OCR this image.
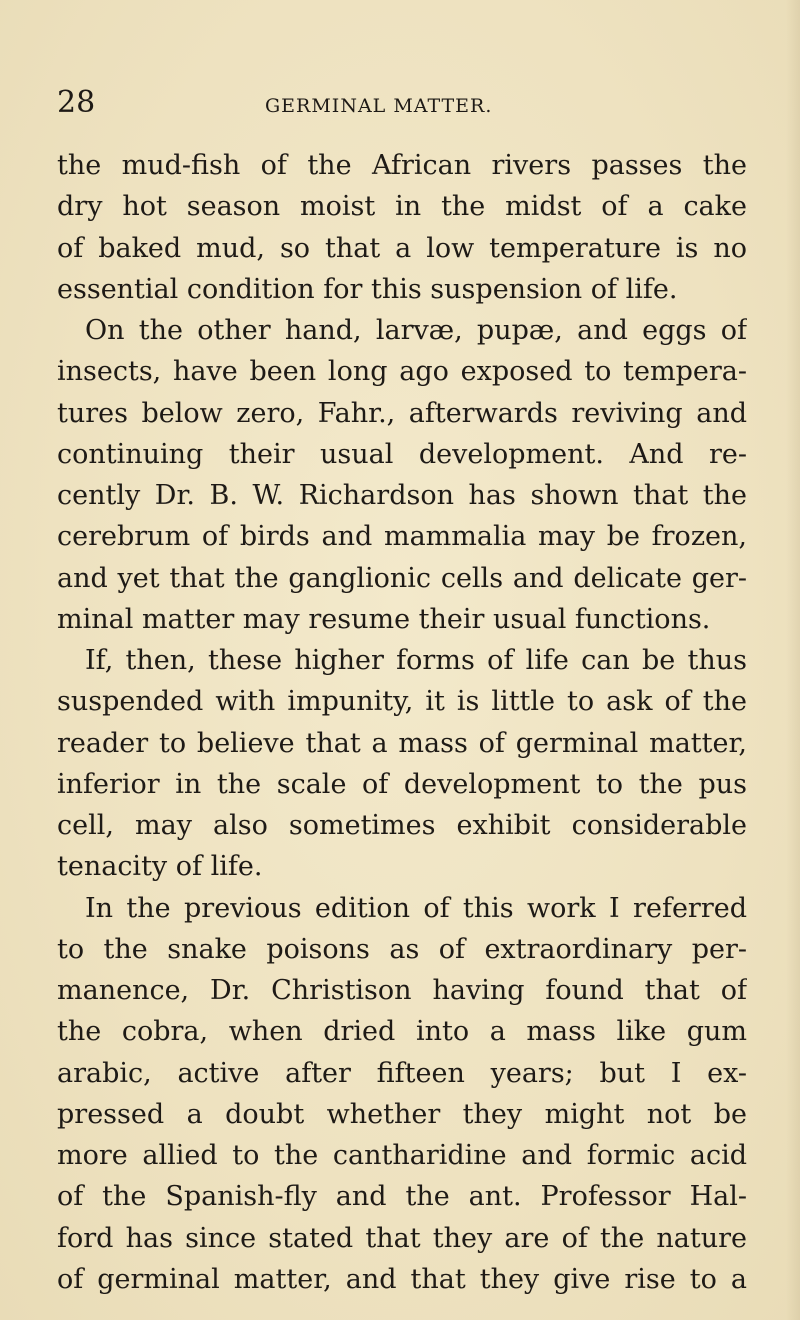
28	GERMINAL MATTER.
the mud-fish of the African rivers passes the
dry hot season moist in the midst of a cake
of baked mud, so that a low temperature is no
essential condition for this suspension of life.
On the other hand, larvæ, pupæ, and eggs of
insects, have been long ago exposed to tempera-
tures below zero, Fahr., afterwards reviving and
continuing their usual development. And re-
cently Dr. B. W. Richardson has shown that the
cerebrum of birds and mammalia may be frozen,
and yet that the ganglionic cells and delicate ger-
minal matter may resume their usual functions.
If, then, these higher forms of life can be thus
suspended with impunity, it is little to ask of the
reader to believe that a mass of germinal matter,
inferior in the scale of development to the pus
cell, may also sometimes exhibit considerable
tenacity of life.
In the previous edition of this work I referred
to the snake poisons as of extraordinary per-
manence, Dr. Christison having found that of
the cobra, when dried into a mass like gum
arabic, active after fifteen years; but I ex-
pressed a doubt whether they might not be
more allied to the cantharidine and formic acid
of the Spanish-fly and the ant. Professor Hal-
ford has since stated that they are of the nature
of germinal matter, and that they give rise to a
